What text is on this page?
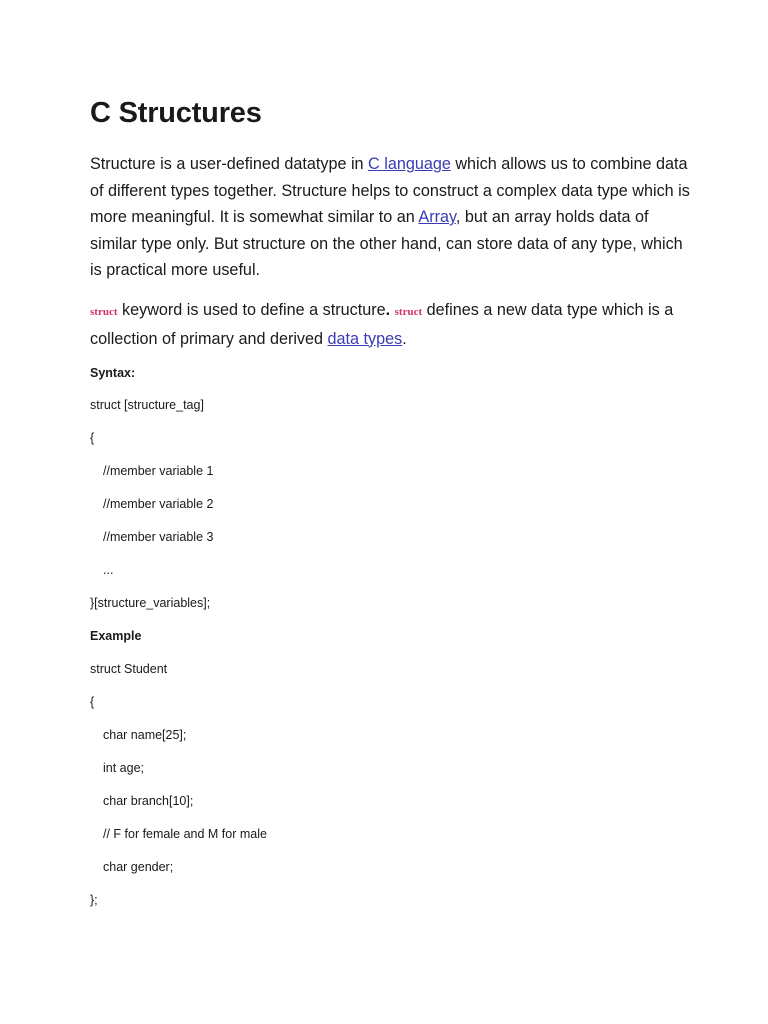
C Structures

Structure is a user-defined datatype in C language which allows us to combine data of different types together. Structure helps to construct a complex data type which is more meaningful. It is somewhat similar to an Array, but an array holds data of similar type only. But structure on the other hand, can store data of any type, which is practical more useful.

struct keyword is used to define a structure. struct defines a new data type which is a collection of primary and derived data types.

Syntax:
struct [structure_tag]
{
//member variable 1
//member variable 2
//member variable 3
...
}[structure_variables];
Example
struct Student
{
char name[25];
int age;
char branch[10];
// F for female and M for male
char gender;
};
